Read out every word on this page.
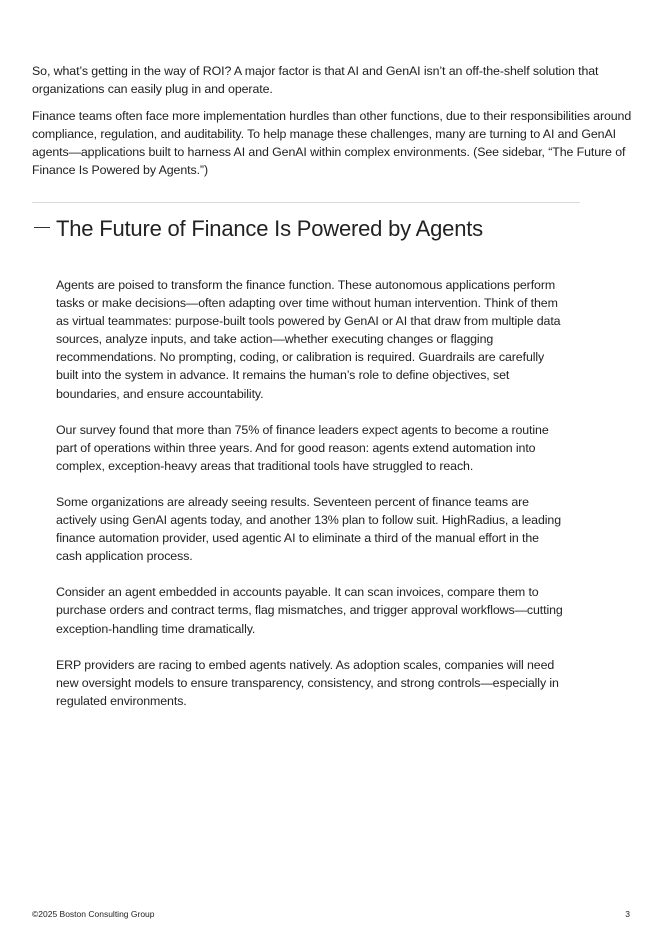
So, what’s getting in the way of ROI? A major factor is that AI and GenAI isn’t an off-the-shelf solution that organizations can easily plug in and operate.

Finance teams often face more implementation hurdles than other functions, due to their responsibilities around compliance, regulation, and auditability. To help manage these challenges, many are turning to AI and GenAI agents—applications built to harness AI and GenAI within complex environments. (See sidebar, “The Future of Finance Is Powered by Agents.”)

The Future of Finance Is Powered by Agents

Agents are poised to transform the finance function. These autonomous applications perform tasks or make decisions—often adapting over time without human intervention. Think of them as virtual teammates: purpose-built tools powered by GenAI or AI that draw from multiple data sources, analyze inputs, and take action—whether executing changes or flagging recommendations. No prompting, coding, or calibration is required. Guardrails are carefully built into the system in advance. It remains the human’s role to define objectives, set boundaries, and ensure accountability.

Our survey found that more than 75% of finance leaders expect agents to become a routine part of operations within three years. And for good reason: agents extend automation into complex, exception-heavy areas that traditional tools have struggled to reach.

Some organizations are already seeing results. Seventeen percent of finance teams are actively using GenAI agents today, and another 13% plan to follow suit. HighRadius, a leading finance automation provider, used agentic AI to eliminate a third of the manual effort in the cash application process.

Consider an agent embedded in accounts payable. It can scan invoices, compare them to purchase orders and contract terms, flag mismatches, and trigger approval workflows—cutting exception-handling time dramatically.

ERP providers are racing to embed agents natively. As adoption scales, companies will need new oversight models to ensure transparency, consistency, and strong controls—especially in regulated environments.

©2025 Boston Consulting Group	3
